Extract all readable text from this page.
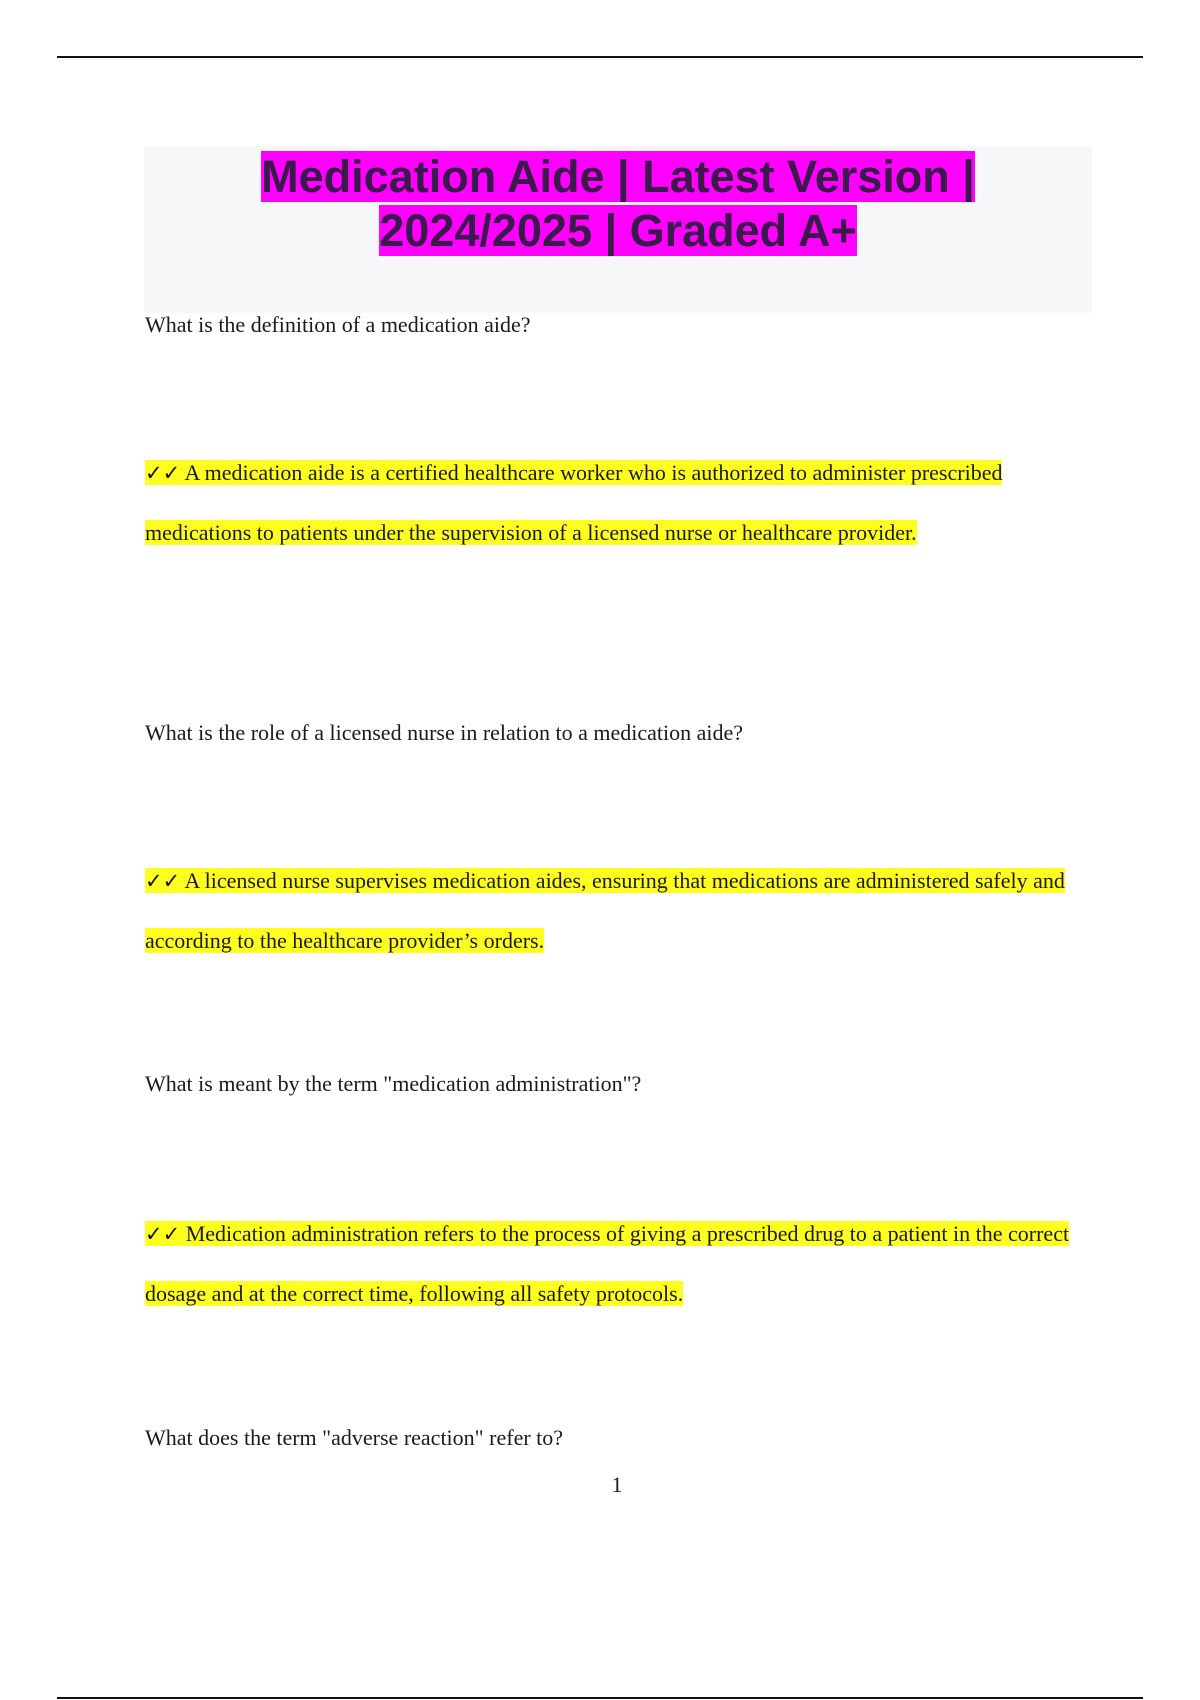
Medication Aide | Latest Version |
2024/2025 | Graded A+

What is the definition of a medication aide?

✓✓ A medication aide is a certified healthcare worker who is authorized to administer prescribed medications to patients under the supervision of a licensed nurse or healthcare provider.

What is the role of a licensed nurse in relation to a medication aide?

✓✓ A licensed nurse supervises medication aides, ensuring that medications are administered safely and according to the healthcare provider’s orders.

What is meant by the term "medication administration"?

✓✓ Medication administration refers to the process of giving a prescribed drug to a patient in the correct dosage and at the correct time, following all safety protocols.

What does the term "adverse reaction" refer to?

1
